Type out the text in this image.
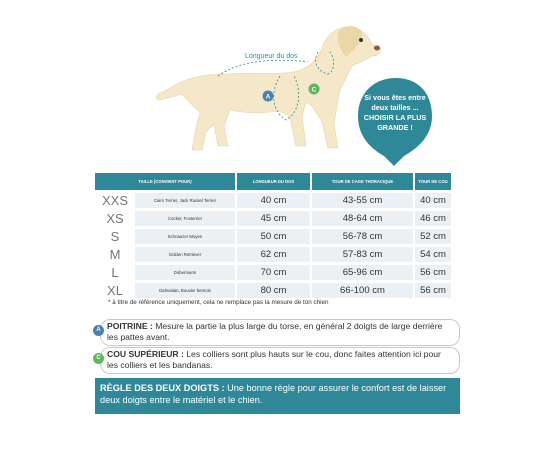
A
C
Longueur du dos
Si vous êtes entre deux tailles ... CHOISIR LA PLUS GRANDE !
TAILLE (CONVIENT POUR)		LONGUEUR DU DOS	TOUR DE CAGE THORACIQUE	TOUR DE COU
XXS	Cairn Terrier, Jack Russel Terrier	40 cm	43-55 cm	40 cm
XS	Cocker, Foxterrier	45 cm	48-64 cm	46 cm
S	Schnauzer Moyen	50 cm	56-78 cm	52 cm
M	Golden Retriever	62 cm	57-83 cm	54 cm
L	Dobermann	70 cm	65-96 cm	56 cm
XL	Dalmatian, Bouvier bernois	80 cm	66-100 cm	56 cm
* à titre de référence uniquement, cela ne remplace pas la mesure de ton chien
POITRINE : Mesure la partie la plus large du torse, en général 2 doigts de large derrière les pattes avant.
A
COU SUPÉRIEUR : Les colliers sont plus hauts sur le cou, donc faites attention ici pour les colliers et les bandanas.
C
RÈGLE DES DEUX DOIGTS : Une bonne règle pour assurer le confort est de laisser deux doigts entre le matériel et le chien.
